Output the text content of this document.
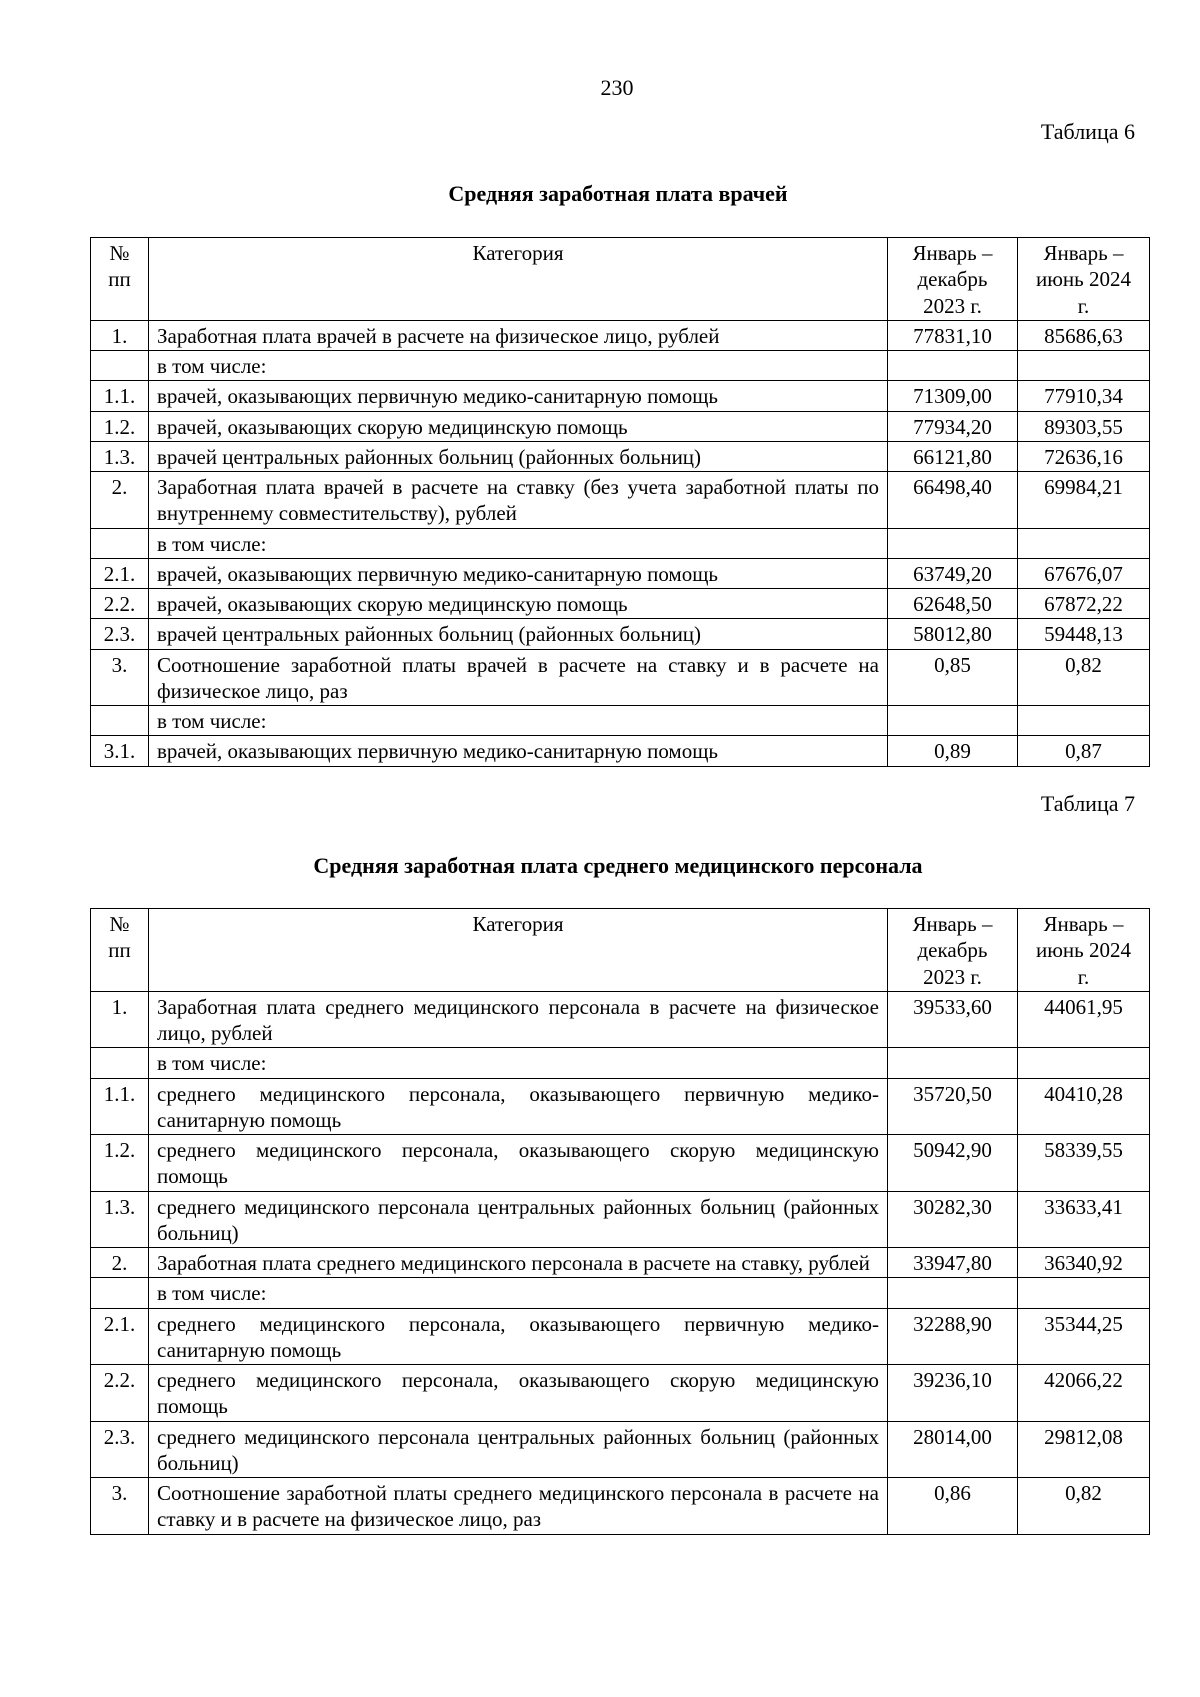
230
Таблица 6
Средняя заработная плата врачей
№ пп	Категория	Январь – декабрь 2023 г.	Январь – июнь 2024 г.
1.	Заработная плата врачей в расчете на физическое лицо, рублей	77831,10	85686,63
	в том числе:		
1.1.	врачей, оказывающих первичную медико-санитарную помощь	71309,00	77910,34
1.2.	врачей, оказывающих скорую медицинскую помощь	77934,20	89303,55
1.3.	врачей центральных районных больниц (районных больниц)	66121,80	72636,16
2.	Заработная плата врачей в расчете на ставку (без учета заработной платы по внутреннему совместительству), рублей	66498,40	69984,21
	в том числе:		
2.1.	врачей, оказывающих первичную медико-санитарную помощь	63749,20	67676,07
2.2.	врачей, оказывающих скорую медицинскую помощь	62648,50	67872,22
2.3.	врачей центральных районных больниц (районных больниц)	58012,80	59448,13
3.	Соотношение заработной платы врачей в расчете на ставку и в расчете на физическое лицо, раз	0,85	0,82
	в том числе:		
3.1.	врачей, оказывающих первичную медико-санитарную помощь	0,89	0,87
Таблица 7
Средняя заработная плата среднего медицинского персонала
№ пп	Категория	Январь – декабрь 2023 г.	Январь – июнь 2024 г.
1.	Заработная плата среднего медицинского персонала в расчете на физическое лицо, рублей	39533,60	44061,95
	в том числе:		
1.1.	среднего медицинского персонала, оказывающего первичную медико-санитарную помощь	35720,50	40410,28
1.2.	среднего медицинского персонала, оказывающего скорую медицинскую помощь	50942,90	58339,55
1.3.	среднего медицинского персонала центральных районных больниц (районных больниц)	30282,30	33633,41
2.	Заработная плата среднего медицинского персонала в расчете на ставку, рублей	33947,80	36340,92
	в том числе:		
2.1.	среднего медицинского персонала, оказывающего первичную медико-санитарную помощь	32288,90	35344,25
2.2.	среднего медицинского персонала, оказывающего скорую медицинскую помощь	39236,10	42066,22
2.3.	среднего медицинского персонала центральных районных больниц (районных больниц)	28014,00	29812,08
3.	Соотношение заработной платы среднего медицинского персонала в расчете на ставку и в расчете на физическое лицо, раз	0,86	0,82
